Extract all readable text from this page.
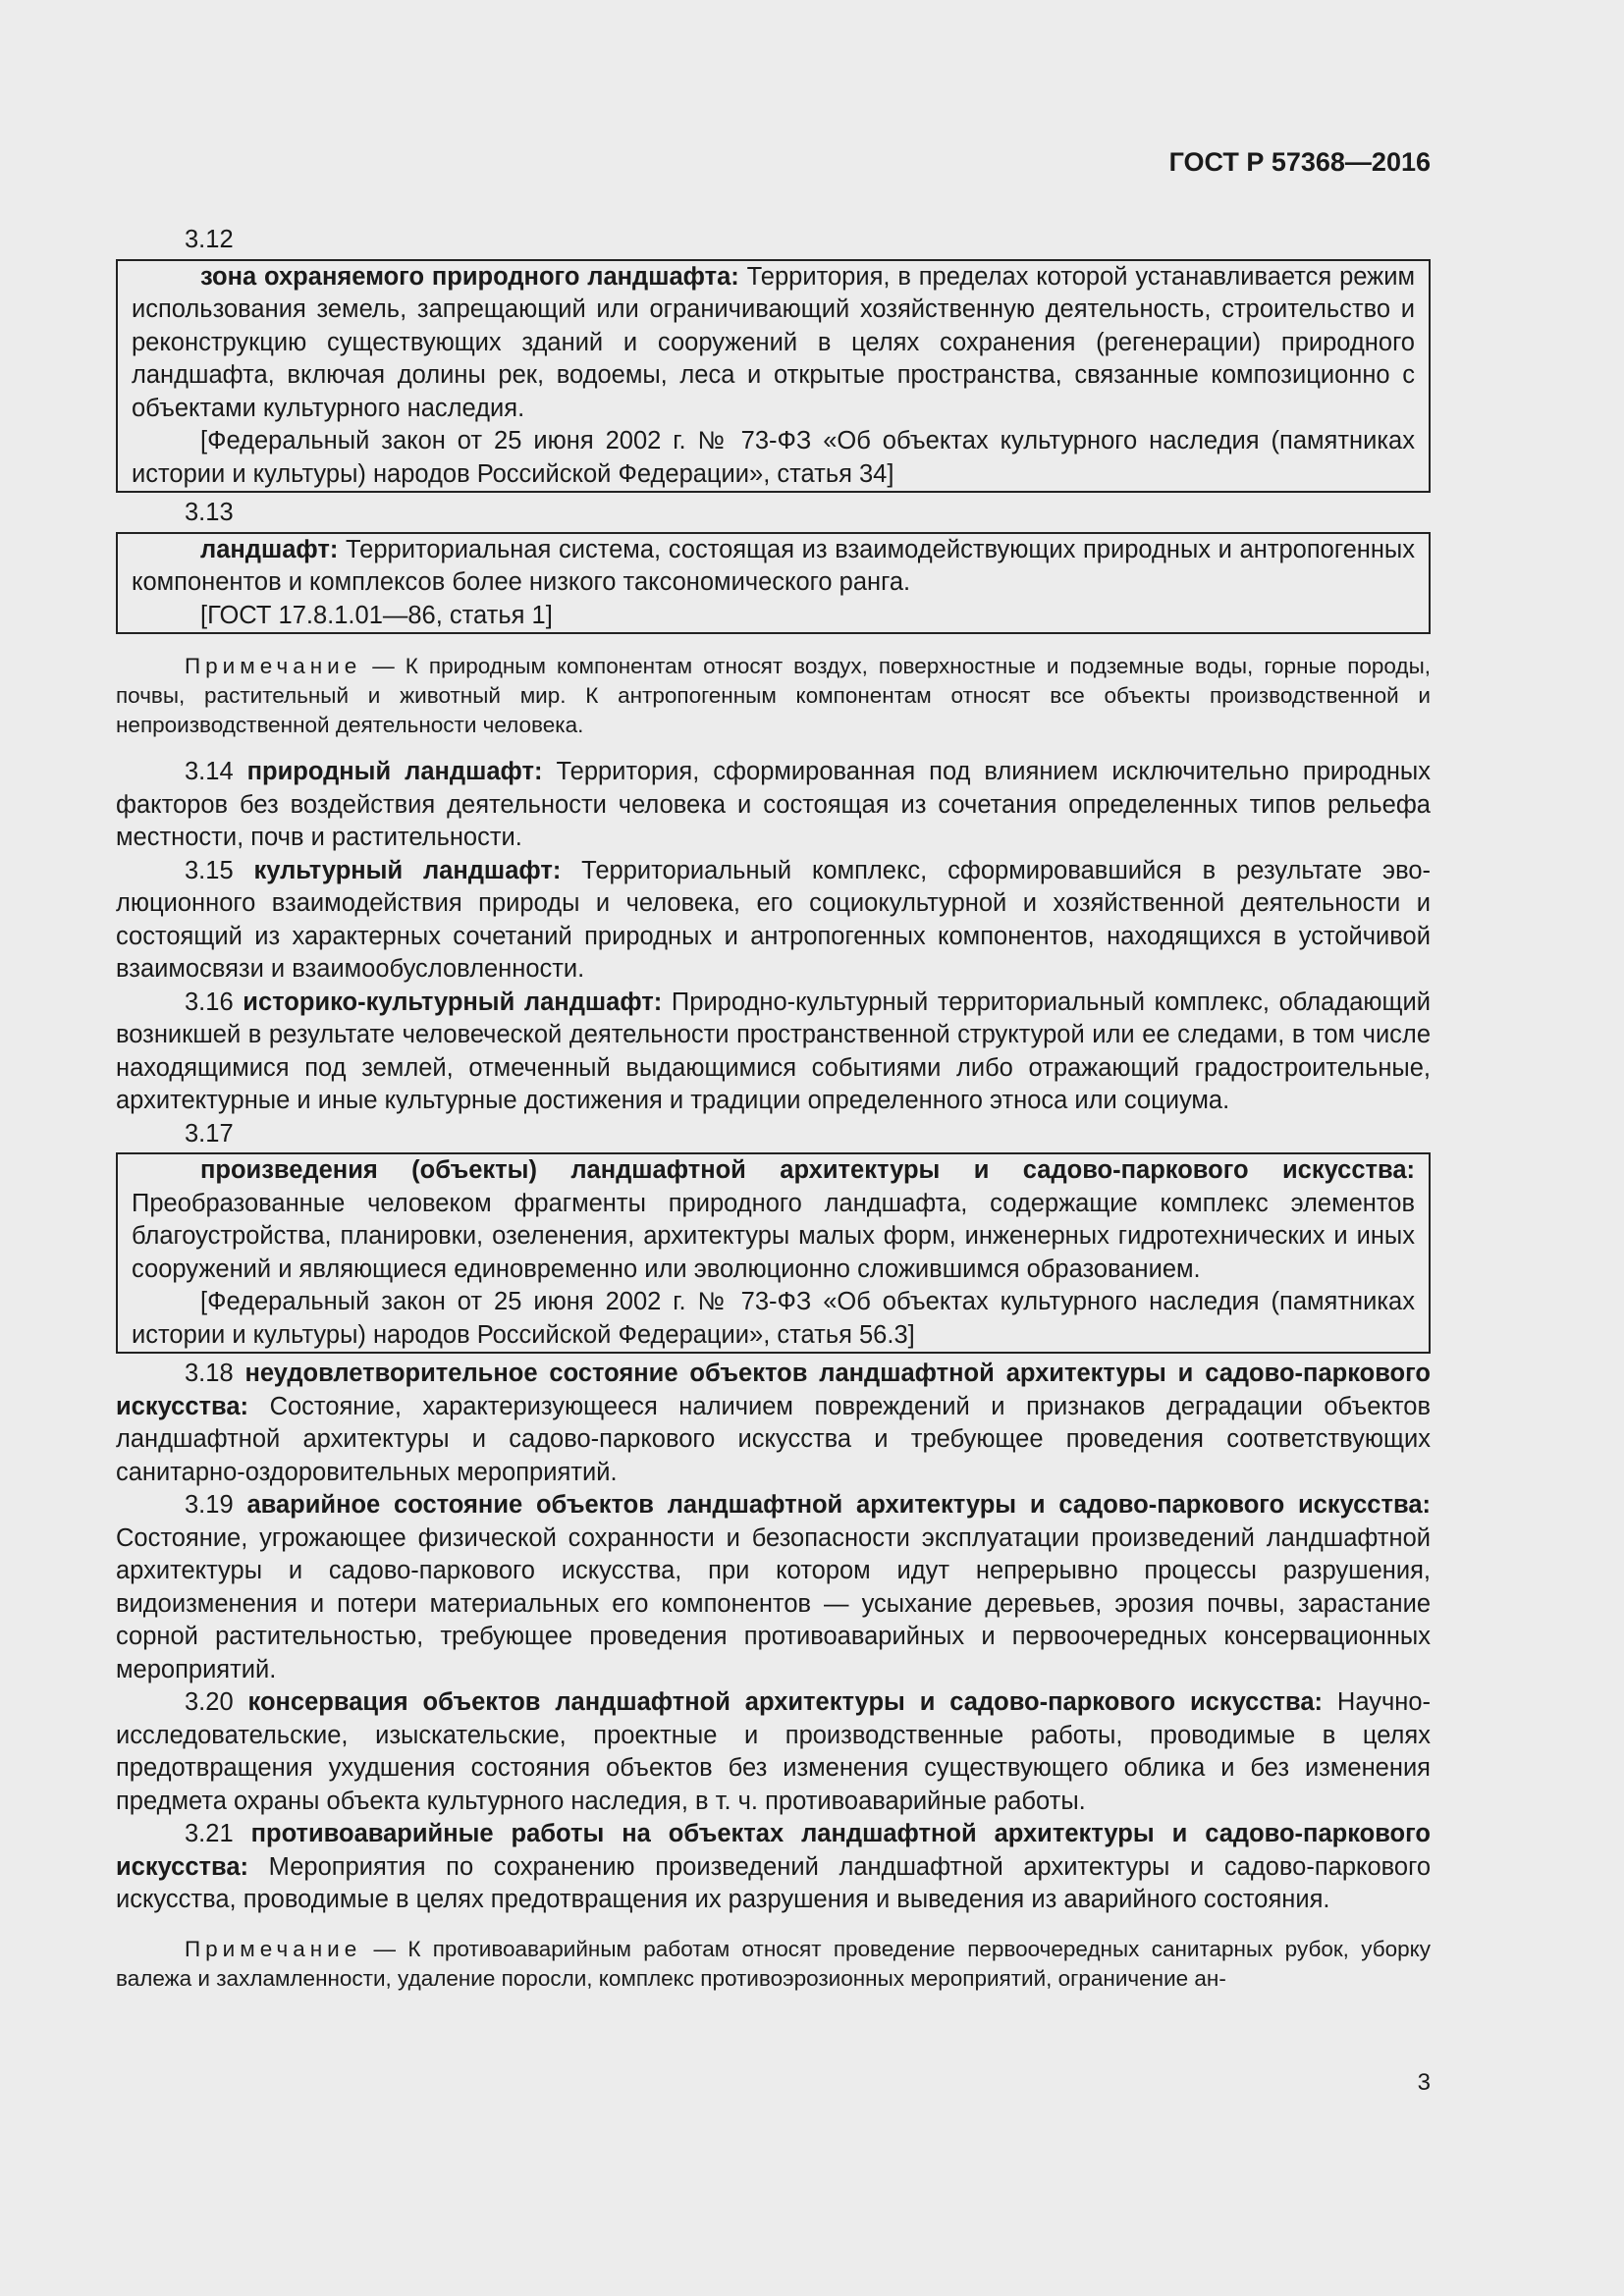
ГОСТ Р 57368—2016

3.12

зона охраняемого природного ландшафта: Территория, в пределах которой устанавливается режим использования земель, запрещающий или ограничивающий хозяйственную деятельность, строительство и реконструкцию существующих зданий и сооружений в целях сохранения (регенерации) природного ландшафта, включая долины рек, водоемы, леса и открытые пространства, связанные композиционно с объектами культурного наследия.

[Федеральный закон от 25 июня 2002 г. № 73-ФЗ «Об объектах культурного наследия (памятниках истории и культуры) народов Российской Федерации», статья 34]

3.13

ландшафт: Территориальная система, состоящая из взаимодействующих природных и антропогенных компонентов и комплексов более низкого таксономического ранга.

[ГОСТ 17.8.1.01—86, статья 1]

Примечание — К природным компонентам относят воздух, поверхностные и подземные воды, горные породы, почвы, растительный и животный мир. К антропогенным компонентам относят все объекты производственной и непроизводственной деятельности человека.

3.14 природный ландшафт: Территория, сформированная под влиянием исключительно природных факторов без воздействия деятельности человека и состоящая из сочетания определенных типов рельефа местности, почв и растительности.

3.15 культурный ландшафт: Территориальный комплекс, сформировавшийся в результате эволюционного взаимодействия природы и человека, его социокультурной и хозяйственной деятельности и состоящий из характерных сочетаний природных и антропогенных компонентов, находящихся в устойчивой взаимосвязи и взаимообусловленности.

3.16 историко-культурный ландшафт: Природно-культурный территориальный комплекс, обладающий возникшей в результате человеческой деятельности пространственной структурой или ее следами, в том числе находящимися под землей, отмеченный выдающимися событиями либо отражающий градостроительные, архитектурные и иные культурные достижения и традиции определенного этноса или социума.

3.17

произведения (объекты) ландшафтной архитектуры и садово-паркового искусства: Преобразованные человеком фрагменты природного ландшафта, содержащие комплекс элементов благоустройства, планировки, озеленения, архитектуры малых форм, инженерных гидротехнических и иных сооружений и являющиеся единовременно или эволюционно сложившимся образованием.

[Федеральный закон от 25 июня 2002 г. № 73-ФЗ «Об объектах культурного наследия (памятниках истории и культуры) народов Российской Федерации», статья 56.3]

3.18 неудовлетворительное состояние объектов ландшафтной архитектуры и садово-паркового искусства: Состояние, характеризующееся наличием повреждений и признаков деградации объектов ландшафтной архитектуры и садово-паркового искусства и требующее проведения соответствующих санитарно-оздоровительных мероприятий.

3.19 аварийное состояние объектов ландшафтной архитектуры и садово-паркового искусства: Состояние, угрожающее физической сохранности и безопасности эксплуатации произведений ландшафтной архитектуры и садово-паркового искусства, при котором идут непрерывно процессы разрушения, видоизменения и потери материальных его компонентов — усыхание деревьев, эрозия почвы, зарастание сорной растительностью, требующее проведения противоаварийных и первоочередных консервационных мероприятий.

3.20 консервация объектов ландшафтной архитектуры и садово-паркового искусства: Научно-исследовательские, изыскательские, проектные и производственные работы, проводимые в целях предотвращения ухудшения состояния объектов без изменения существующего облика и без изменения предмета охраны объекта культурного наследия, в т. ч. противоаварийные работы.

3.21 противоаварийные работы на объектах ландшафтной архитектуры и садово-паркового искусства: Мероприятия по сохранению произведений ландшафтной архитектуры и садово-паркового искусства, проводимые в целях предотвращения их разрушения и выведения из аварийного состояния.

Примечание — К противоаварийным работам относят проведение первоочередных санитарных рубок, уборку валежа и захламленности, удаление поросли, комплекс противоэрозионных мероприятий, ограничение ан-

3
